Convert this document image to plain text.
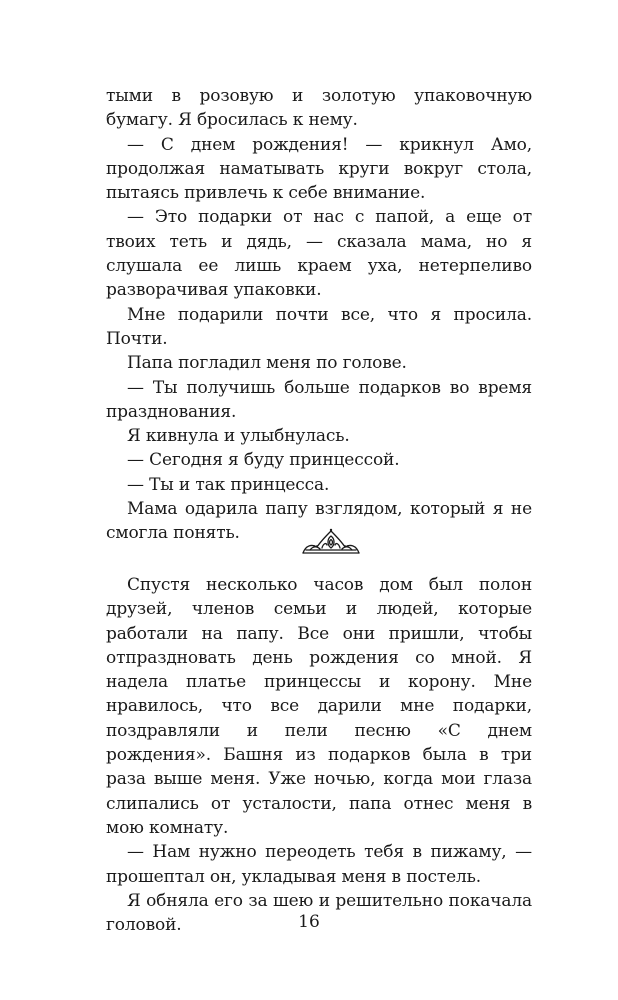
тыми в розовую и золотую упаковочную бумагу. Я бросилась к нему.

— С днем рождения! — крикнул Амо, продолжая наматывать круги вокруг стола, пытаясь привлечь к себе внимание.

— Это подарки от нас с папой, а еще от твоих теть и дядь, — сказала мама, но я слушала ее лишь краем уха, нетерпеливо разворачивая упаковки.

Мне подарили почти все, что я просила. Почти.

Папа погладил меня по голове.

— Ты получишь больше подарков во время празднования.

Я кивнула и улыбнулась.

— Сегодня я буду принцессой.

— Ты и так принцесса.

Мама одарила папу взглядом, который я не смогла понять.

Спустя несколько часов дом был полон друзей, членов семьи и людей, которые работали на папу. Все они пришли, чтобы отпраздновать день рождения со мной. Я надела платье принцессы и корону. Мне нравилось, что все дарили мне подарки, поздравляли и пели песню «С днем рождения». Башня из подарков была в три раза выше меня. Уже ночью, когда мои глаза слипались от усталости, папа отнес меня в мою комнату.

— Нам нужно переодеть тебя в пижаму, — прошептал он, укладывая меня в постель.

Я обняла его за шею и решительно покачала головой.	16
